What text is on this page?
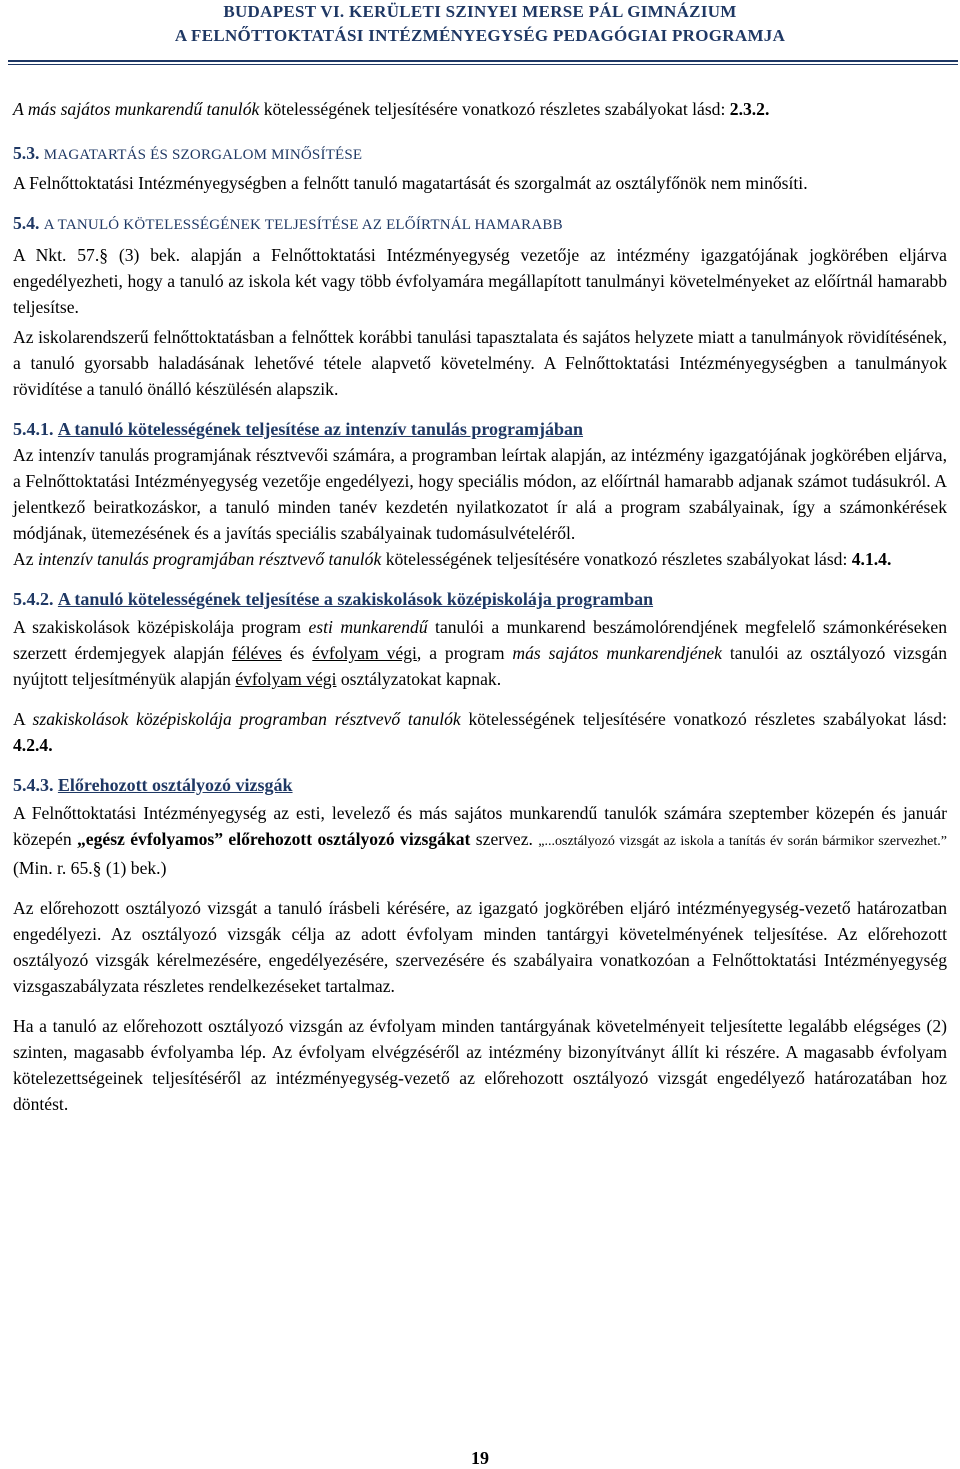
BUDAPEST VI. KERÜLETI SZINYEI MERSE PÁL GIMNÁZIUM
A FELNŐTTOKTATÁSI INTÉZMÉNYEGYSÉG PEDAGÓGIAI PROGRAMJA

A más sajátos munkarendű tanulók kötelességének teljesítésére vonatkozó részletes szabályokat lásd: 2.3.2.

5.3. MAGATARTÁS ÉS SZORGALOM MINŐSÍTÉSE

A Felnőttoktatási Intézményegységben a felnőtt tanuló magatartását és szorgalmát az osztályfőnök nem minősíti.

5.4. A TANULÓ KÖTELESSÉGÉNEK TELJESÍTÉSE AZ ELŐÍRTNÁL HAMARABB

A Nkt. 57.§ (3) bek. alapján a Felnőttoktatási Intézményegység vezetője az intézmény igazgatójának jogkörében eljárva engedélyezheti, hogy a tanuló az iskola két vagy több évfolyamára megállapított tanulmányi követelményeket az előírtnál hamarabb teljesítse.

Az iskolarendszerű felnőttoktatásban a felnőttek korábbi tanulási tapasztalata és sajátos helyzete miatt a tanulmányok rövidítésének, a tanuló gyorsabb haladásának lehetővé tétele alapvető követelmény. A Felnőttoktatási Intézményegységben a tanulmányok rövidítése a tanuló önálló készülésén alapszik.

5.4.1. A tanuló kötelességének teljesítése az intenzív tanulás programjában

Az intenzív tanulás programjának résztvevői számára, a programban leírtak alapján, az intézmény igazgatójának jogkörében eljárva, a Felnőttoktatási Intézményegység vezetője engedélyezi, hogy speciális módon, az előírtnál hamarabb adjanak számot tudásukról. A jelentkező beiratkozáskor, a tanuló minden tanév kezdetén nyilatkozatot ír alá a program szabályainak, így a számonkérések módjának, ütemezésének és a javítás speciális szabályainak tudomásulvételéről.

Az intenzív tanulás programjában résztvevő tanulók kötelességének teljesítésére vonatkozó részletes szabályokat lásd: 4.1.4.

5.4.2. A tanuló kötelességének teljesítése a szakiskolások középiskolája programban

A szakiskolások középiskolája program esti munkarendű tanulói a munkarend beszámolórendjének megfelelő számonkéréseken szerzett érdemjegyek alapján féléves és évfolyam végi, a program más sajátos munkarendjének tanulói az osztályozó vizsgán nyújtott teljesítményük alapján évfolyam végi osztályzatokat kapnak.

A szakiskolások középiskolája programban résztvevő tanulók kötelességének teljesítésére vonatkozó részletes szabályokat lásd: 4.2.4.

5.4.3. Előrehozott osztályozó vizsgák

A Felnőttoktatási Intézményegység az esti, levelező és más sajátos munkarendű tanulók számára szeptember közepén és január közepén „egész évfolyamos” előrehozott osztályozó vizsgákat szervez. „...osztályozó vizsgát az iskola a tanítás év során bármikor szervezhet.” (Min. r. 65.§ (1) bek.)

Az előrehozott osztályozó vizsgát a tanuló írásbeli kérésére, az igazgató jogkörében eljáró intézményegység-vezető határozatban engedélyezi. Az osztályozó vizsgák célja az adott évfolyam minden tantárgyi követelményének teljesítése. Az előrehozott osztályozó vizsgák kérelmezésére, engedélyezésére, szervezésére és szabályaira vonatkozóan a Felnőttoktatási Intézményegység vizsgaszabályzata részletes rendelkezéseket tartalmaz.

Ha a tanuló az előrehozott osztályozó vizsgán az évfolyam minden tantárgyának követelményeit teljesítette legalább elégséges (2) szinten, magasabb évfolyamba lép. Az évfolyam elvégzéséről az intézmény bizonyítványt állít ki részére. A magasabb évfolyam kötelezettségeinek teljesítéséről az intézményegység-vezető az előrehozott osztályozó vizsgát engedélyező határozatában hoz döntést.

19
